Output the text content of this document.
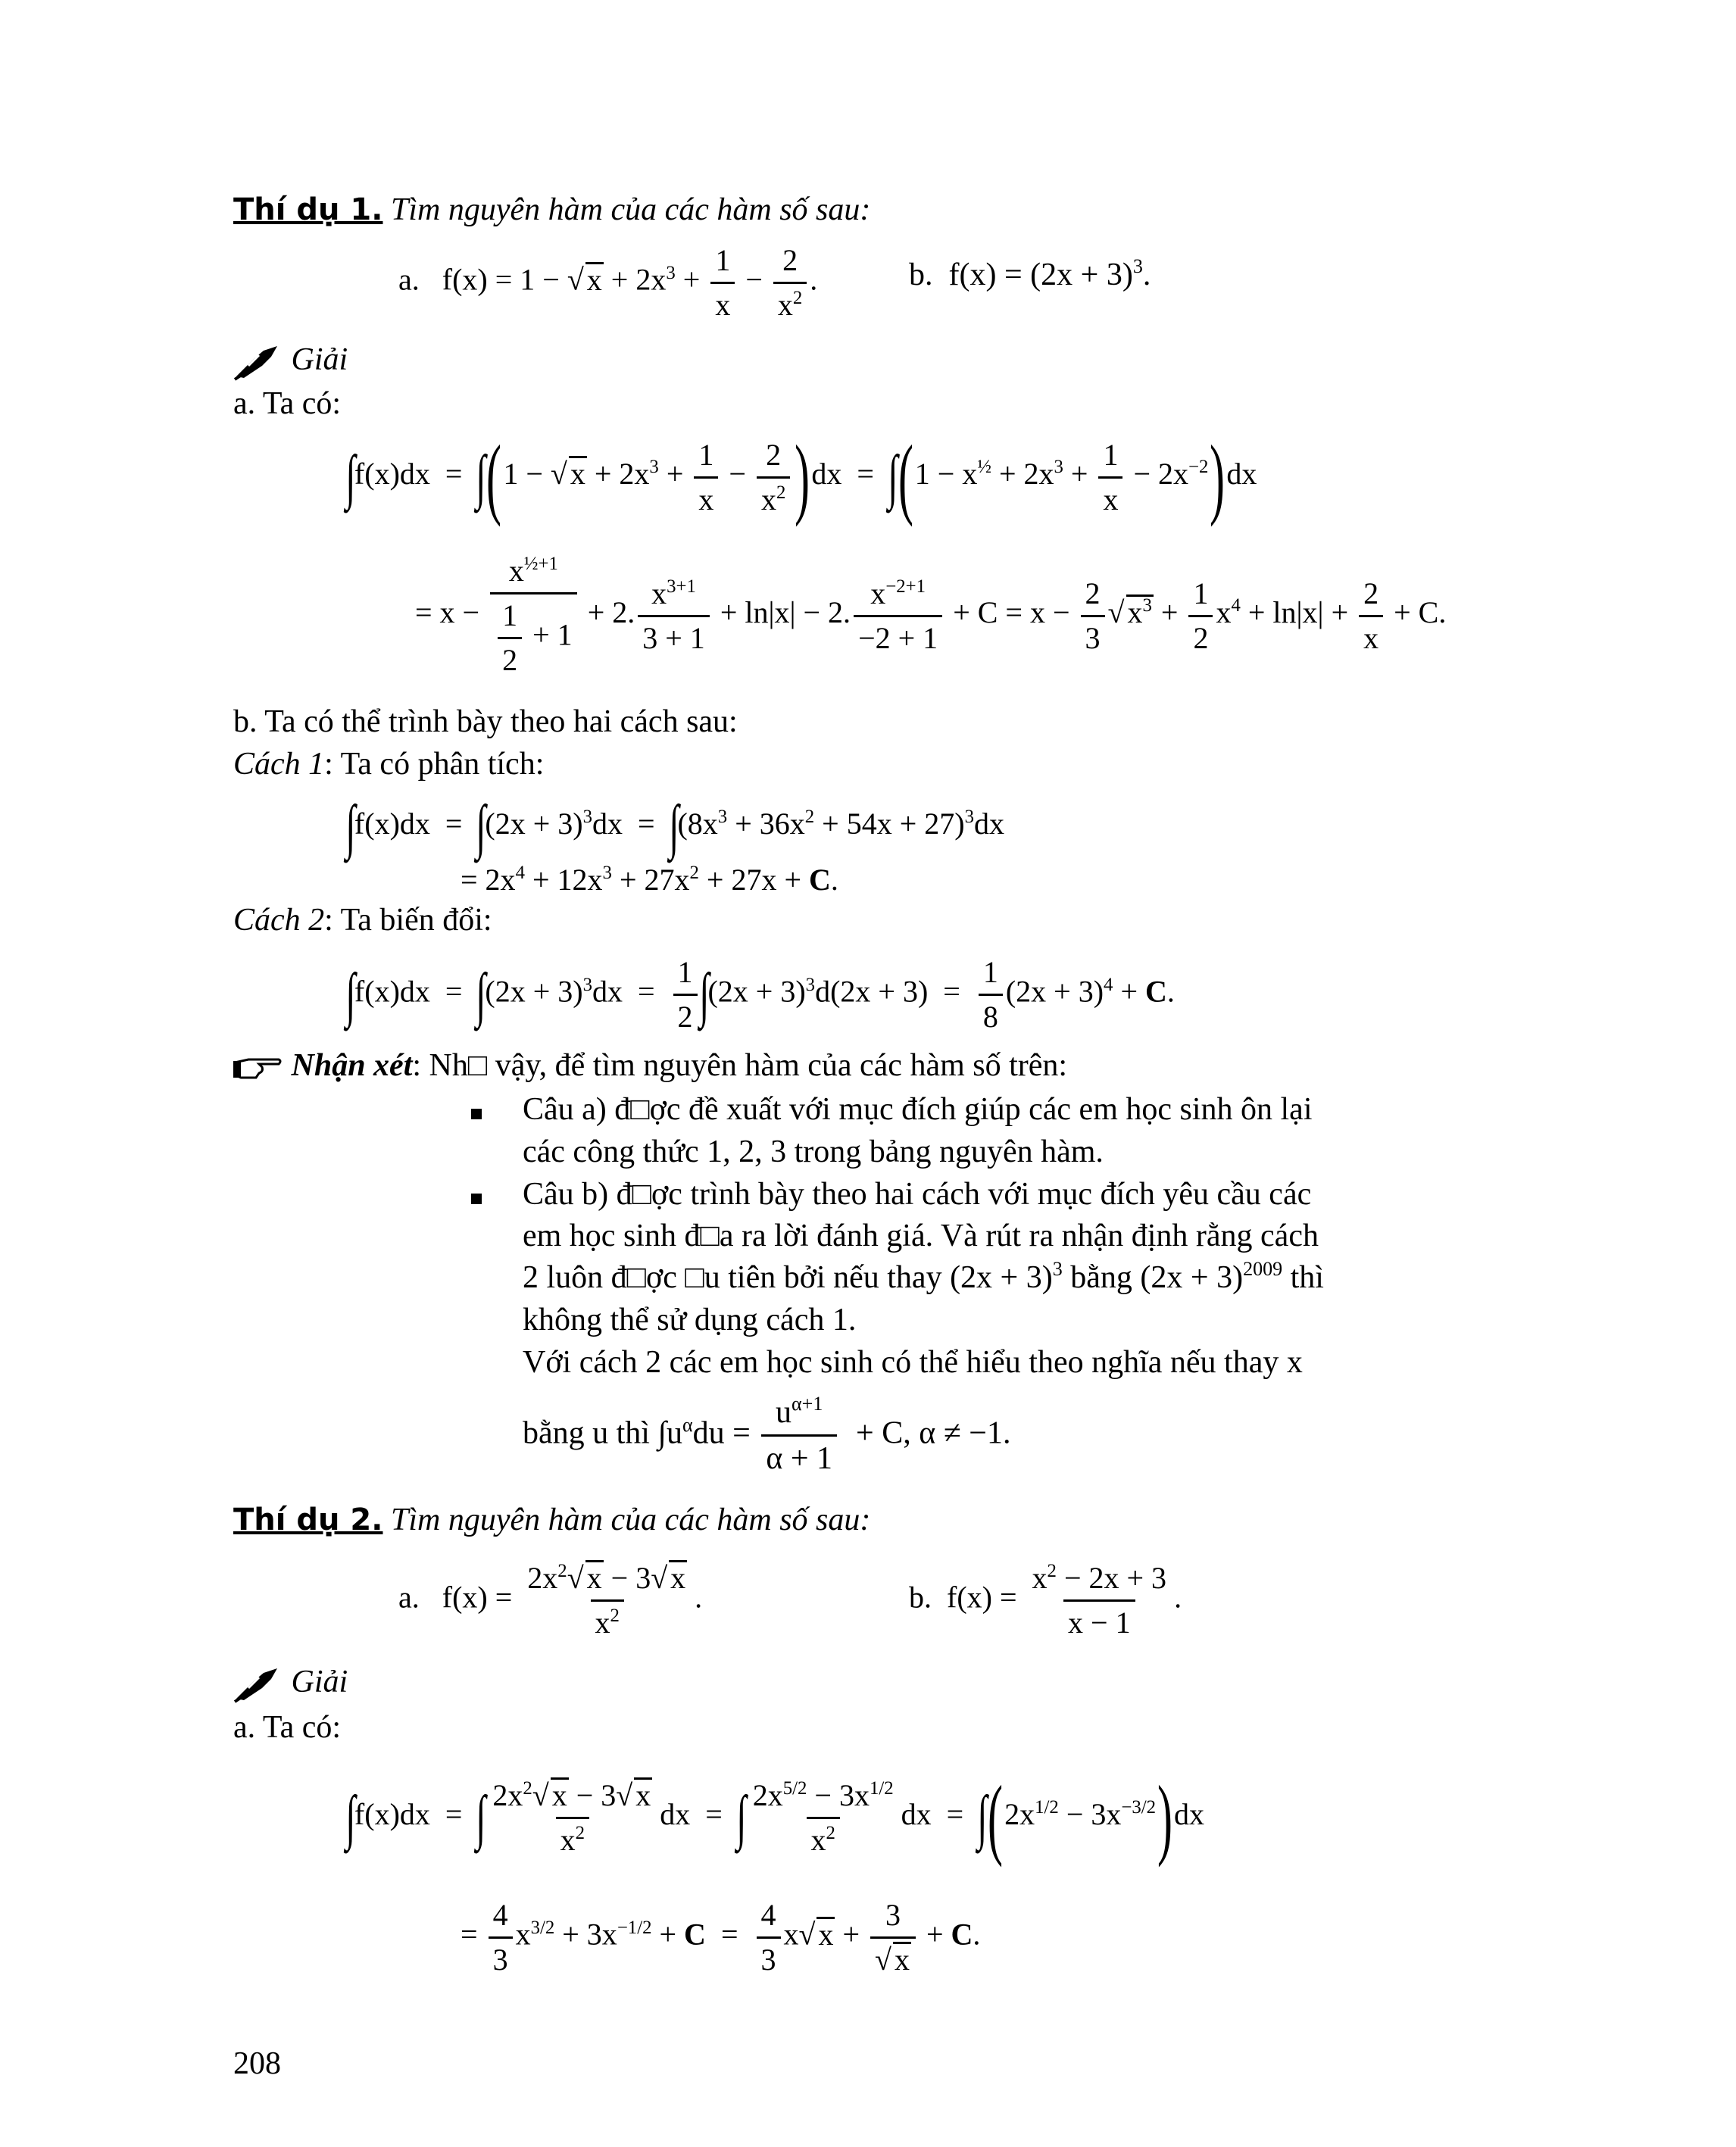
Thí dụ 1. Tìm nguyên hàm của các hàm số sau:
a.   f(x) = 1 − √ $x + 2x^3 + \frac{1}{x} - \frac{2}{x^2}$ .	b. $f(x) = (2x + 3)^3$.
Giải
a. Ta có:
∫f(x)dx  =  ∫(1 − √ $x + 2x^3 + \frac{1}{x} - \frac{2}{x^2} )dx = \int(1 - x^{\frac{1}{2}} + 2x^3 + \frac{1}{x} - 2x^{-2})dx$
= $x - \frac{x^{\frac{1}{2}+1}}{\frac{1}{2} + 1} + 2$. $\frac{x^{3+1}}{3 + 1} + \ln|x| - 2$. $\frac{x^{-2+1}}{-2 + 1} + C = x - \frac{2}{3}$ √ $x^3 + \frac{1}{2} x^4 + \ln|x| + \frac{2}{x} + C$.
b. Ta có thể trình bày theo hai cách sau:
Cách 1: Ta có phân tích:
$\int f(x)dx = \int(2x + 3)^3dx = \int(8x^3 + 36x^2 + 54x + 27)^3dx$
= $2x^4 + 12x^3 + 27x^2 + 27x + C$.
Cách 2: Ta biến đổi:
$\int f(x)dx = \int(2x + 3)^3dx = \frac{1}{2} \int(2x + 3)^3d(2x + 3) = \frac{1}{8} (2x + 3)^4 + C$.
Nhận xét: Nh□ vậy, để tìm nguyên hàm của các hàm số trên:
Câu a) đ□ợc đề xuất với mục đích giúp các em học sinh ôn lại
các công thức 1, 2, 3 trong bảng nguyên hàm.
Câu b) đ□ợc trình bày theo hai cách với mục đích yêu cầu các
em học sinh đ□a ra lời đánh giá. Và rút ra nhận định rằng cách
2 luôn đ□ợc □u tiên bởi nếu thay $(2x + 3)^3$ bằng $(2x + 3)^{2009}$ thì
không thể sử dụng cách 1.
Với cách 2 các em học sinh có thể hiểu theo nghĩa nếu thay x
bằng u thì $\int u^\alpha du = \frac{u^{\alpha+1}}{\alpha + 1} + C$, α ≠ −1.
Thí dụ 2. Tìm nguyên hàm của các hàm số sau:
a.   $f(x) = \frac{2x^2√ x - 3√ x}{x^2}$ .	b.  $f(x) = \frac{x^2 - 2x + 3}{x - 1}$ .
Giải
a. Ta có:
∫f(x)dx  =  ∫ $\frac{2x^2√ x - 3√ x}{x^2}$ dx  =  ∫ $\frac{2x^{5/2} - 3x^{1/2}}{x^2}$ dx  =  $\int(2x^{1/2} - 3x^{-3/2})dx$
= $\frac{4}{3} x^{3/2} + 3x^{-1/2} + C = \frac{4}{3} x√$ $x + \frac{3}{√ x} + C$.
208
